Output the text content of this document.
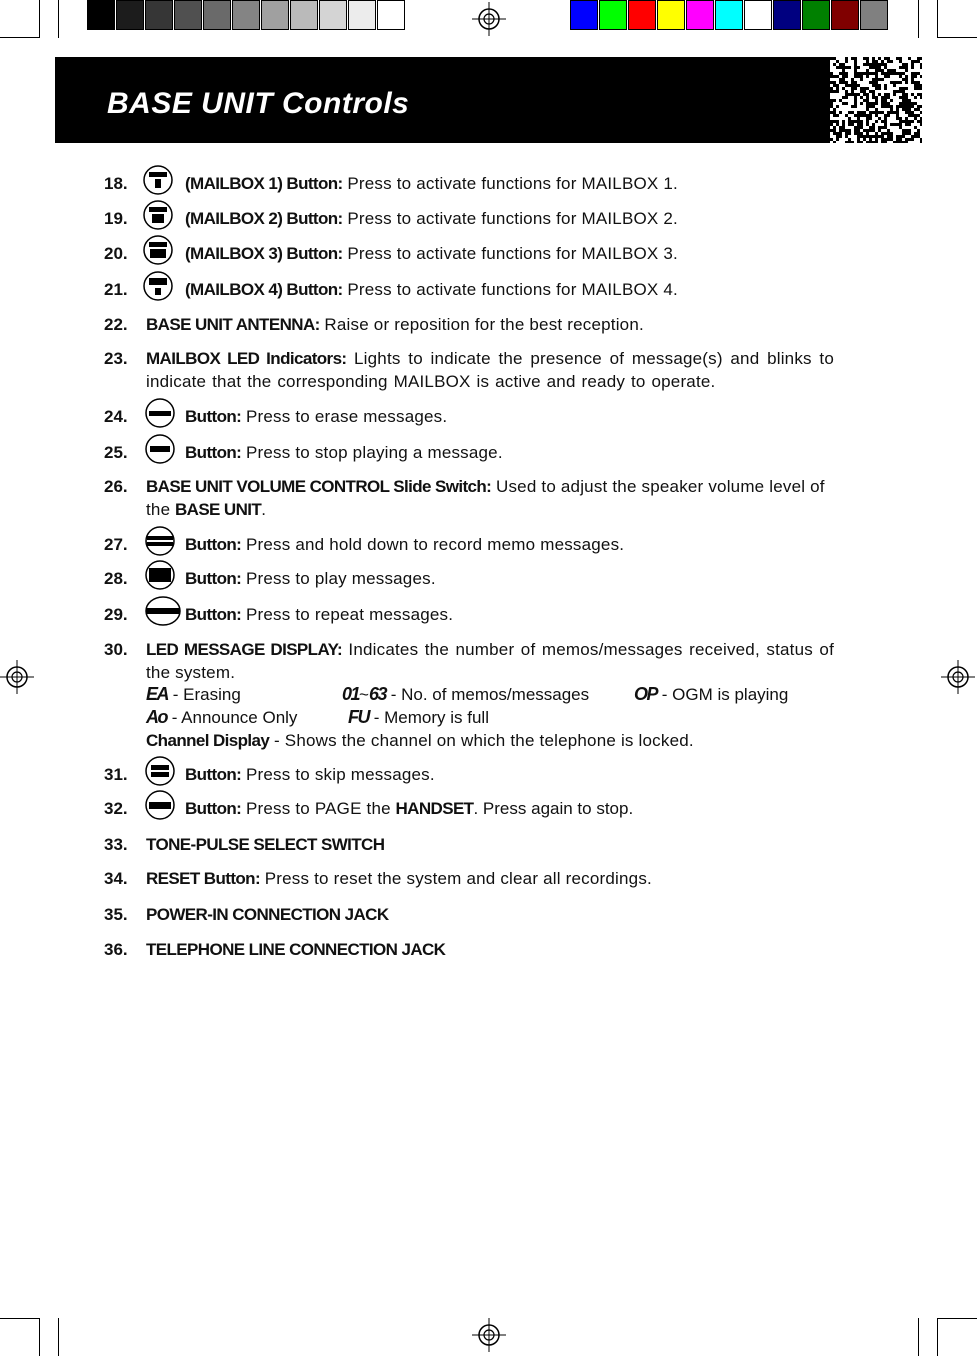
BASE UNIT Controls
18.	(MAILBOX 1) Button: Press to activate functions for MAILBOX 1.
19.	(MAILBOX 2) Button: Press to activate functions for MAILBOX 2.
20.	(MAILBOX 3) Button: Press to activate functions for MAILBOX 3.
21.	(MAILBOX 4) Button: Press to activate functions for MAILBOX 4.
22. BASE UNIT ANTENNA: Raise or reposition for the best reception.
23. MAILBOX LED Indicators: Lights to indicate the presence of message(s) and blinks to indicate that the corresponding MAILBOX is active and ready to operate.
24.	Button: Press to erase messages.
25.	Button: Press to stop playing a message.
26. BASE UNIT VOLUME CONTROL Slide Switch: Used to adjust the speaker volume level of the BASE UNIT.
27.	Button: Press and hold down to record memo messages.
28.	Button: Press to play messages.
29.	Button: Press to repeat messages.
30. LED MESSAGE DISPLAY: Indicates the number of memos/messages received, status of the system.
EA - Erasing	01~63 - No. of memos/messages OP - OGM is playing
Ao - Announce Only	FU - Memory is full
Channel Display - Shows the channel on which the telephone is locked.
31.	Button: Press to skip messages.
32.	Button: Press to PAGE the HANDSET. Press again to stop.
33. TONE-PULSE SELECT SWITCH
34. RESET Button: Press to reset the system and clear all recordings.
35. POWER-IN CONNECTION JACK
36. TELEPHONE LINE CONNECTION JACK
